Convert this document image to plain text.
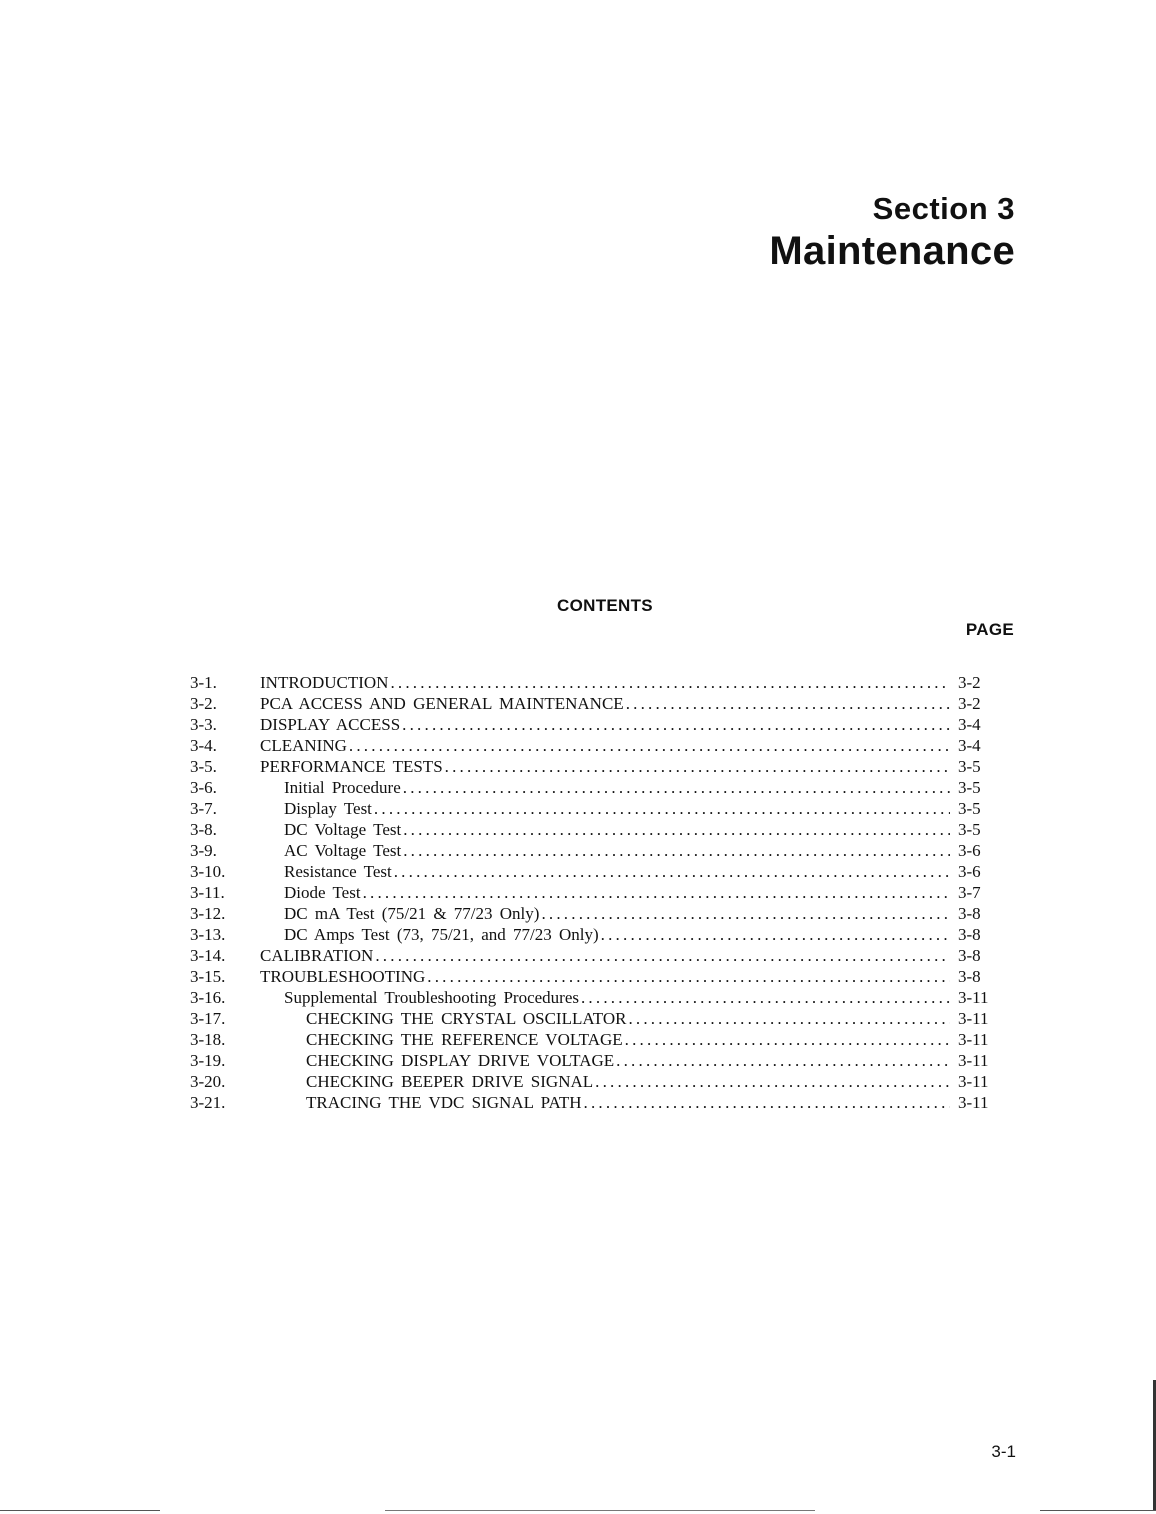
Section 3
Maintenance
CONTENTS
PAGE
3-1.	INTRODUCTION .....	3-2
3-2.	PCA ACCESS AND GENERAL MAINTENANCE .....	3-2
3-3.	DISPLAY ACCESS .....	3-4
3-4.	CLEANING .....	3-4
3-5.	PERFORMANCE TESTS .....	3-5
3-6.	Initial Procedure .....	3-5
3-7.	Display Test .....	3-5
3-8.	DC Voltage Test .....	3-5
3-9.	AC Voltage Test .....	3-6
3-10.	Resistance Test .....	3-6
3-11.	Diode Test .....	3-7
3-12.	DC mA Test (75/21 & 77/23 Only) .....	3-8
3-13.	DC Amps Test (73, 75/21, and 77/23 Only) .....	3-8
3-14.	CALIBRATION .....	3-8
3-15.	TROUBLESHOOTING .....	3-8
3-16.	Supplemental Troubleshooting Procedures .....	3-11
3-17.	CHECKING THE CRYSTAL OSCILLATOR .....	3-11
3-18.	CHECKING THE REFERENCE VOLTAGE .....	3-11
3-19.	CHECKING DISPLAY DRIVE VOLTAGE .....	3-11
3-20.	CHECKING BEEPER DRIVE SIGNAL .....	3-11
3-21.	TRACING THE VDC SIGNAL PATH .....	3-11
3-1
